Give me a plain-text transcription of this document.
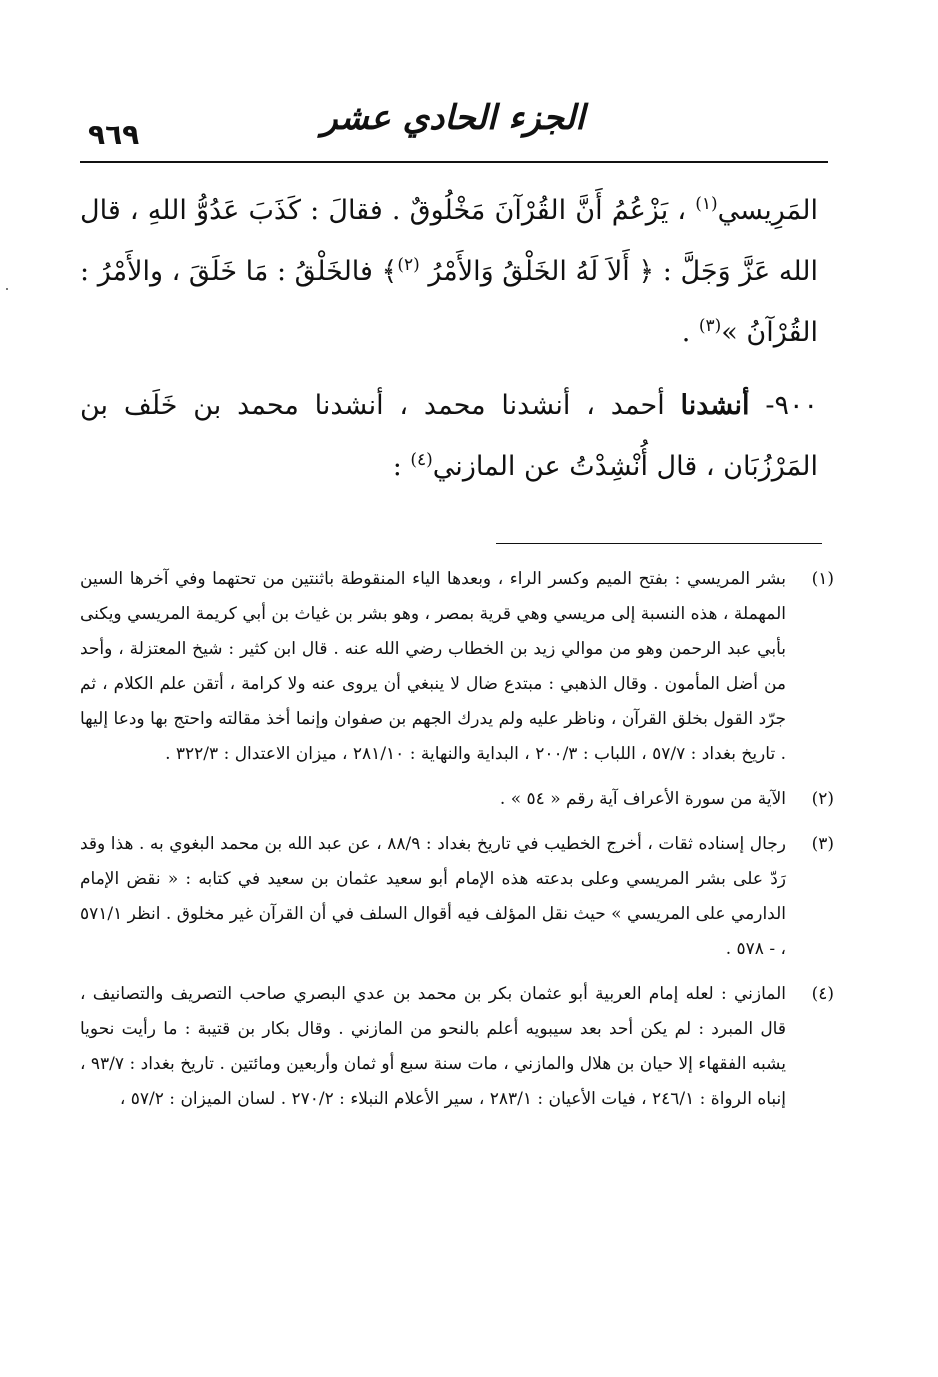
الجزء الحادي عشر
٩٦٩

المَرِيسي$^{(١)}$ ، يَزْعُمُ أَنَّ القُرْآنَ مَخْلُوقٌ . فقالَ : كَذَبَ عَدُوُّ اللهِ ، قال الله عَزَّ وَجَلَّ : ﴿ أَلاَ لَهُ الخَلْقُ وَالأَمْرُ $^{(٢)}$﴾ فالخَلْقُ : مَا خَلَقَ ، والأَمْرُ : القُرْآنُ »$^{(٣)}$ .

٩٠٠- أنشدنا أحمد ، أنشدنا محمد ، أنشدنا محمد بن خَلَف بن المَرْزُبَان ، قال أُنْشِدْتُ عن المازني$^{(٤)}$ :

(١)
بشر المريسي : بفتح الميم وكسر الراء ، وبعدها الياء المنقوطة باثنتين من تحتهما وفي آخرها السين المهملة ، هذه النسبة إلى مريسي وهي قرية بمصر ، وهو بشر بن غياث بن أبي كريمة المريسي ويكنى بأبي عبد الرحمن وهو من موالي زيد بن الخطاب رضي الله عنه . قال ابن كثير : شيخ المعتزلة ، وأحد من أضل المأمون . وقال الذهبي : مبتدع ضال لا ينبغي أن يروى عنه ولا كرامة ، أتقن علم الكلام ، ثم جرّد القول بخلق القرآن ، وناظر عليه ولم يدرك الجهم بن صفوان وإنما أخذ مقالته واحتج بها ودعا إليها . تاريخ بغداد : ٥٧/٧ ، اللباب : ٢٠٠/٣ ، البداية والنهاية : ٢٨١/١٠ ، ميزان الاعتدال : ٣٢٢/٣ .
(٢)
الآية من سورة الأعراف آية رقم « ٥٤ » .
(٣)
رجال إسناده ثقات ، أخرج الخطيب في تاريخ بغداد : ٨٨/٩ ، عن عبد الله بن محمد البغوي به . هذا وقد رَدّ على بشر المريسي وعلى بدعته هذه الإمام أبو سعيد عثمان بن سعيد في كتابه : « نقض الإمام الدارمي على المريسي » حيث نقل المؤلف فيه أقوال السلف في أن القرآن غير مخلوق . انظر ٥٧١/١ ، - ٥٧٨ .
(٤)
المازني : لعله إمام العربية أبو عثمان بكر بن محمد بن عدي البصري صاحب التصريف والتصانيف ، قال المبرد : لم يكن أحد بعد سيبويه أعلم بالنحو من المازني . وقال بكار بن قتيبة : ما رأيت نحويا يشبه الفقهاء إلا حيان بن هلال والمازني ، مات سنة سبع أو ثمان وأربعين ومائتين . تاريخ بغداد : ٩٣/٧ ، إنباه الرواة : ٢٤٦/١ ، فيات الأعيان : ٢٨٣/١ ، سير الأعلام النبلاء : ٢٧٠/٢ . لسان الميزان : ٥٧/٢ ،
